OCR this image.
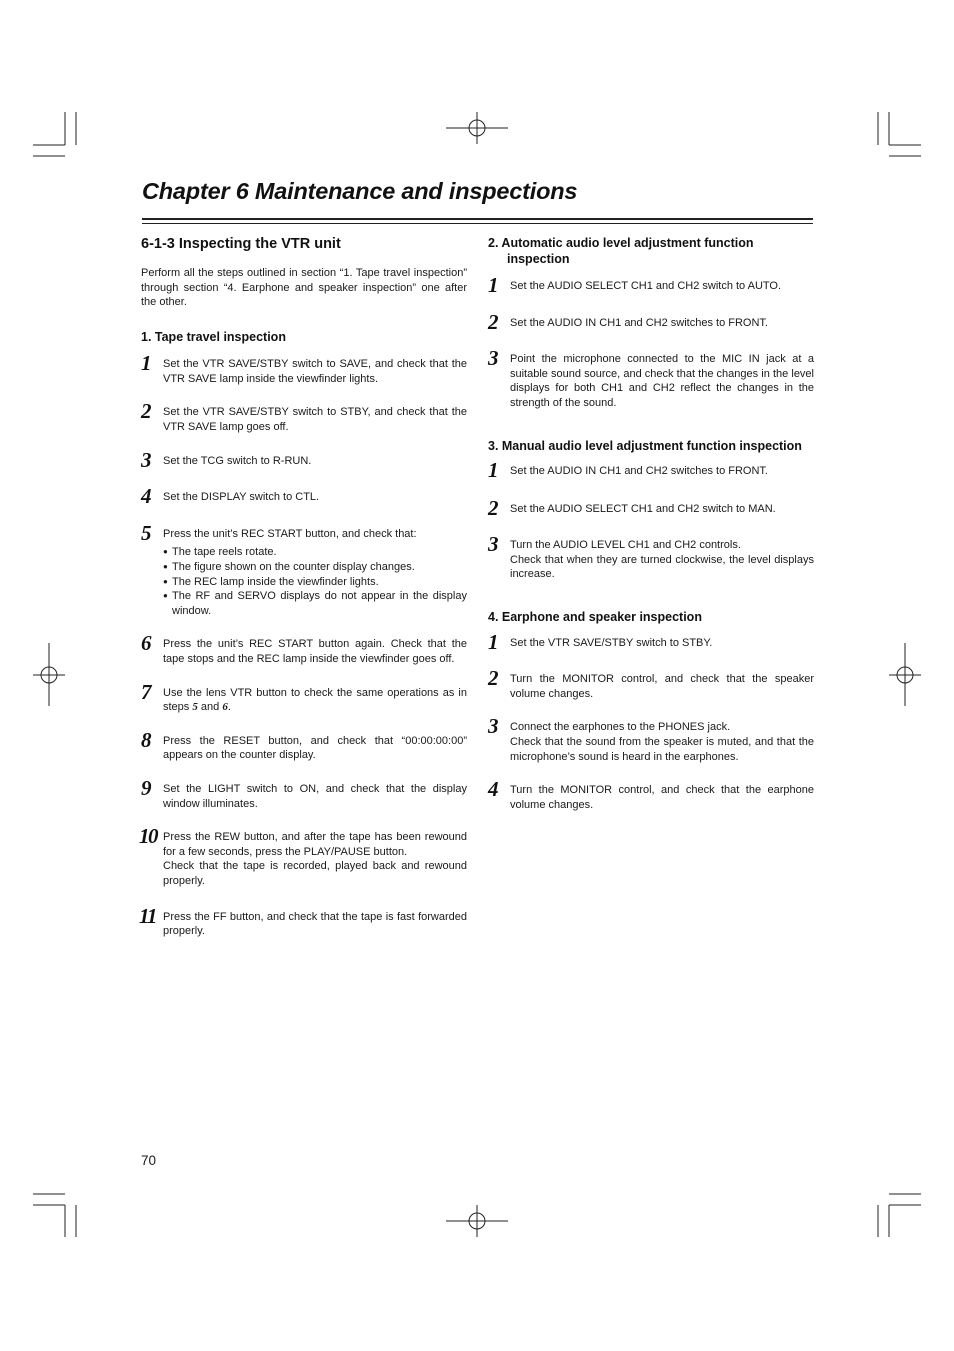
Chapter 6 Maintenance and inspections
6-1-3 Inspecting the VTR unit

Perform all the steps outlined in section “1. Tape travel inspection” through section “4. Earphone and speaker inspection” one after the other.

1. Tape travel inspection
1 Set the VTR SAVE/STBY switch to SAVE, and check that the VTR SAVE lamp inside the viewfinder lights.

2 Set the VTR SAVE/STBY switch to STBY, and check that the VTR SAVE lamp goes off.

3 Set the TCG switch to R-RUN.

4 Set the DISPLAY switch to CTL.

5 Press the unit’s REC START button, and check that:

● The tape reels rotate.
● The figure shown on the counter display changes.
● The REC lamp inside the viewfinder lights.
● The RF and SERVO displays do not appear in the display window.
6 Press the unit’s REC START button again. Check that the tape stops and the REC lamp inside the viewfinder goes off.

7 Use the lens VTR button to check the same operations as in steps 5 and 6.

8 Press the RESET button, and check that “00:00:00:00” appears on the counter display.

9 Set the LIGHT switch to ON, and check that the display window illuminates.

10 Press the REW button, and after the tape has been rewound for a few seconds, press the PLAY/PAUSE button.

Check that the tape is recorded, played back and rewound properly.

11 Press the FF button, and check that the tape is fast forwarded properly.

2. Automatic audio level adjustment function inspection
1 Set the AUDIO SELECT CH1 and CH2 switch to AUTO.

2 Set the AUDIO IN CH1 and CH2 switches to FRONT.

3 Point the microphone connected to the MIC IN jack at a suitable sound source, and check that the changes in the level displays for both CH1 and CH2 reflect the changes in the strength of the sound.

3. Manual audio level adjustment function inspection
1 Set the AUDIO IN CH1 and CH2 switches to FRONT.

2 Set the AUDIO SELECT CH1 and CH2 switch to MAN.

3 Turn the AUDIO LEVEL CH1 and CH2 controls.

Check that when they are turned clockwise, the level displays increase.

4. Earphone and speaker inspection
1 Set the VTR SAVE/STBY switch to STBY.

2 Turn the MONITOR control, and check that the speaker volume changes.

3 Connect the earphones to the PHONES jack.

Check that the sound from the speaker is muted, and that the microphone’s sound is heard in the earphones.

4 Turn the MONITOR control, and check that the earphone volume changes.

70
